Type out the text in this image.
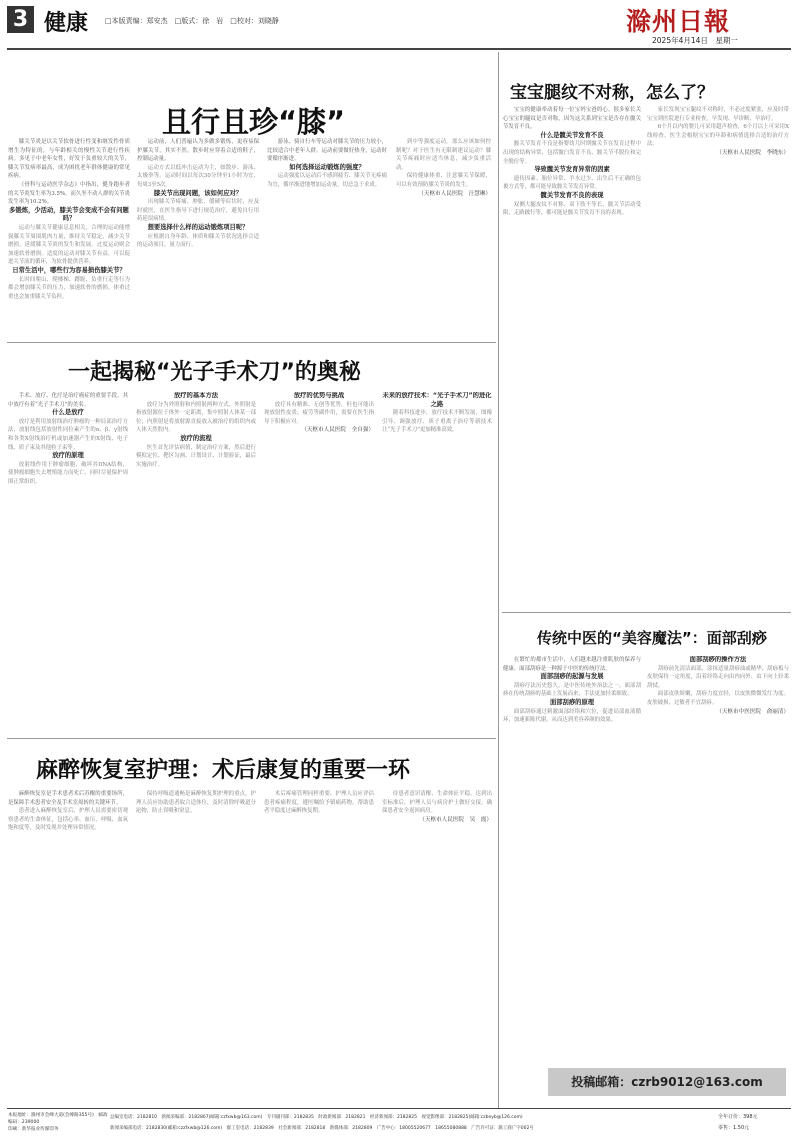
3 健康 □本版责编：郑安杰　□版式：徐　岩　□校对：刘晓静	滁州日報
2025年4月14日　星期一
且行且珍“膝”

膝关节炎是以关节软骨进行性变和继发性骨质增生为特征的，与年龄相关的慢性关节进行性疾病。多见于中老年女性，好发于负重较大的关节，膝关节发病率最高，成为困扰老年群体健康的常见疾病。

《骨科与运动医学杂志》中指出，健身跑步者的关节炎发生率为3.5%，而久坐不动人群的关节炎发生率为10.2%。

多锻炼，少活动，膝关节会变成不会有问题吗？

运动与膝关节健康息息相关，合理的运动能增强膝关节周围肌肉力量，维持关节稳定，减少关节磨损，延缓膝关节炎的发生和发展。过度运动则会加速软骨磨损。适度的运动对膝关节有益，可以促进关节液的循环，为软骨提供营养。

日常生活中，哪些行为容易损伤膝关节？

长时间爬山、爬楼梯、蹲跪、负重行走等行为都会增加膝关节的压力，加速软骨的磨损。体重过重也会加重膝关节负担。

运动前，人们普遍认为多做多锻炼，更容易保护膝关节，其实不然。散步时应穿着合适的鞋子，控制运动量。

运动方式以低冲击运动为主，如散步、游泳、太极拳等。运动时间以每次30分钟至1小时为宜，每周3至5次。

膝关节出现问题，该如何应对？

出现膝关节疼痛、肿胀、僵硬等症状时，应及时就医，在医生指导下进行规范治疗，避免自行用药延误病情。

想要选择什么样的运动锻炼项目呢？

应根据自身年龄、体质和膝关节状况选择合适的运动项目，量力而行。

游泳、骑自行车等运动对膝关节的压力较小，比较适合中老年人群。运动前要做好热身，运动时要循序渐进。

如何选择运动锻炼的强度？

运动强度以运动后不感到疲劳、膝关节无疼痛为宜，循序渐进地增加运动量，切忌急于求成。

到中等强度运动。那么应该如何控制呢？对于医生有无限制建议运动？膝关节疼痛时应适当休息，减少负重活动。

保持健康体重，注意膝关节保暖，可以有效预防膝关节炎的发生。

（天枢市人民医院　汪慧琳）

一起揭秘“光子手术刀”的奥秘

手术、放疗、化疗是治疗癌症的重要手段。其中放疗有着“光子手术刀”的美名。

什么是放疗

放疗是利用放射线治疗肿瘤的一种局部治疗方法，放射线包括放射性同位素产生的α、β、γ射线和各类X射线治疗机或加速器产生的X射线、电子线、质子束及其他粒子束等。

放疗的原理

放射线作用于肿瘤细胞，破坏其DNA结构，使肿瘤细胞失去增殖能力而死亡，同时尽量保护周围正常组织。

放疗的基本方法

放疗分为外照射和内照射两种方式。外照射是指放射源位于体外一定距离，集中照射人体某一部位；内照射是将放射源直接放入被治疗的组织内或人体天然腔内。

放疗的流程

医生首先评估病情，制定治疗方案，然后进行模拟定位、靶区勾画、计划设计、计划验证，最后实施治疗。

放疗的优势与挑战

放疗具有精准、无创等优势，但也可能出现放射性皮炎、疲劳等副作用，需要在医生指导下积极应对。

（天枢市人民医院　全自强）

未来的放疗技术：“光子手术刀”的进化之路

随着科技进步，放疗技术不断发展，图像引导、调强放疗、质子重离子治疗等新技术让“光子手术刀”更加精准高效。

麻醉恢复室护理：术后康复的重要一环

麻醉恢复室是手术患者术后苏醒的重要场所，是保障手术患者安全及手术室周转的关键环节。

患者进入麻醉恢复室后，护理人员需要密切观察患者的生命体征，包括心率、血压、呼吸、血氧饱和度等，及时发现并处理异常情况。

保持呼吸道通畅是麻醉恢复期护理的重点，护理人员应协助患者取合适体位，及时清除呼吸道分泌物，防止误吸和窒息。

术后疼痛管理同样重要，护理人员应评估患者疼痛程度，遵医嘱给予镇痛药物，帮助患者平稳度过麻醉恢复期。

待患者意识清醒、生命体征平稳、达到出室标准后，护理人员与病房护士做好交接，确保患者安全返回病房。

（天枢市人民医院　吴　霞）

宝宝腿纹不对称，怎么了？

宝宝的健康牵动着每一位宝妈宝爸的心。很多家长关心宝宝的腿纹是否对称，因为这关系到宝宝是否存在髋关节发育不良。

什么是髋关节发育不良

髋关节发育不良是指婴幼儿时期髋关节在发育过程中出现的结构异常，包括髋臼发育不良、髋关节半脱位和完全脱位等。

导致髋关节发育异常的因素

遗传因素、胎位异常、羊水过少、出生后不正确的包裹方式等，都可能导致髋关节发育异常。

髋关节发育不良的表现

双侧大腿皮纹不对称、双下肢不等长、髋关节活动受限、走路跛行等，都可能是髋关节发育不良的表现。

家长发现宝宝腿纹不对称时，不必过度紧张，应及时带宝宝到医院进行专业检查，早发现、早诊断、早治疗。

6个月以内的婴儿可采用超声检查，6个月以上可采用X线检查，医生会根据宝宝的年龄和病情选择合适的治疗方法。

（天枢市人民医院　李晓东）

传统中医的“美容魔法”：面部刮痧

在繁忙的都市生活中，人们越来越注重肌肤的保养与健康。面部刮痧是一种源于中医的传统疗法。

面部刮痧的起源与发展

刮痧疗法历史悠久，是中医传统外治法之一。面部刮痧在传统刮痧的基础上发展而来，手法更加轻柔细致。

面部刮痧的原理

面部刮痧通过刺激面部经络和穴位，促进局部血液循环，加速新陈代谢，从而达到美容养颜的效果。

面部刮痧的操作方法

刮痧前先清洁面部，涂抹适量刮痧油或精华，刮痧板与皮肤保持一定角度，沿着经络走向由内向外、由下向上轻柔刮拭。

面部皮肤娇嫩，刮痧力度宜轻，以皮肤微微发红为度。皮肤破损、过敏者不宜刮痧。

（天枢市中医医院　俞丽清）

投稿邮箱：czrb9012@163.com
本报地址：滁州市会峰大道(会峰路355号)　邮政编码：239000
印刷：新华报业传媒印务
总编室电话：2182810　新闻采编部：2182867(邮箱:czfxwb@163.com)　专刊副刊部：2182835　时政新闻部：2182821　经济新闻部：2182825　视觉影像部：2182825(邮箱:czbeyb@126.com)
新闻采编部电话：2182830(邮箱:czzfxwb@126.com)　群工室电话：2182839　社会新闻部：2182818　新媒体部：2182809　广告中心：18005520677　18655080888　广告许可证：滁工商广字002号
全年订价：398元
零售：1.50元
